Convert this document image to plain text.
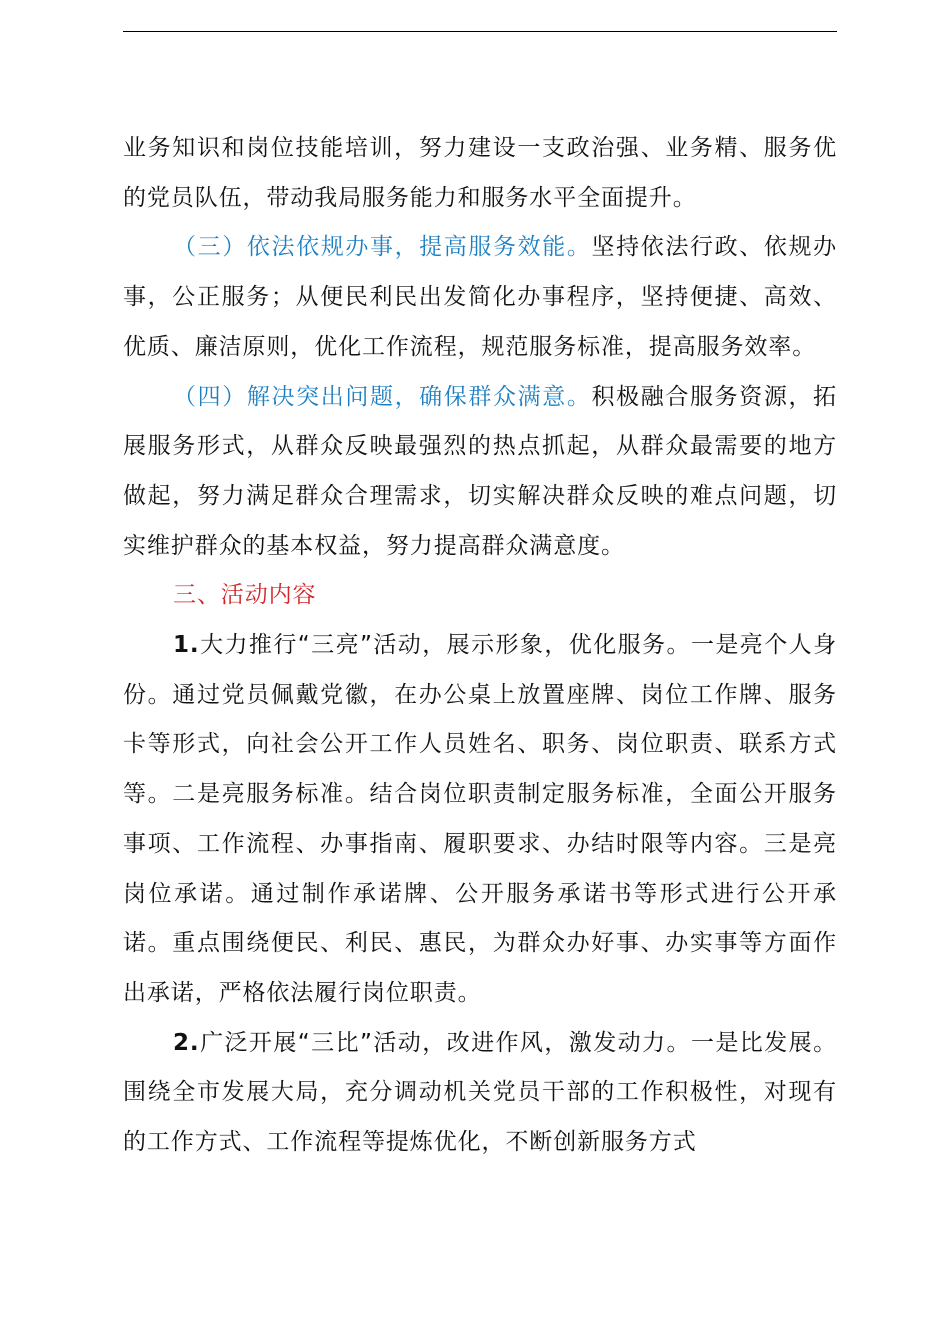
业务知识和岗位技能培训，努力建设一支政治强、业务精、服务优的党员队伍，带动我局服务能力和服务水平全面提升。

（三）依法依规办事，提高服务效能。坚持依法行政、依规办事，公正服务；从便民利民出发简化办事程序，坚持便捷、高效、优质、廉洁原则，优化工作流程，规范服务标准，提高服务效率。

（四）解决突出问题，确保群众满意。积极融合服务资源，拓展服务形式，从群众反映最强烈的热点抓起，从群众最需要的地方做起，努力满足群众合理需求，切实解决群众反映的难点问题，切实维护群众的基本权益，努力提高群众满意度。

三、活动内容

1.大力推行“三亮”活动，展示形象，优化服务。一是亮个人身份。通过党员佩戴党徽，在办公桌上放置座牌、岗位工作牌、服务卡等形式，向社会公开工作人员姓名、职务、岗位职责、联系方式等。二是亮服务标准。结合岗位职责制定服务标准，全面公开服务事项、工作流程、办事指南、履职要求、办结时限等内容。三是亮岗位承诺。通过制作承诺牌、公开服务承诺书等形式进行公开承诺。重点围绕便民、利民、惠民，为群众办好事、办实事等方面作出承诺，严格依法履行岗位职责。

2.广泛开展“三比”活动，改进作风，激发动力。一是比发展。围绕全市发展大局，充分调动机关党员干部的工作积极性，对现有的工作方式、工作流程等提炼优化，不断创新服务方式
